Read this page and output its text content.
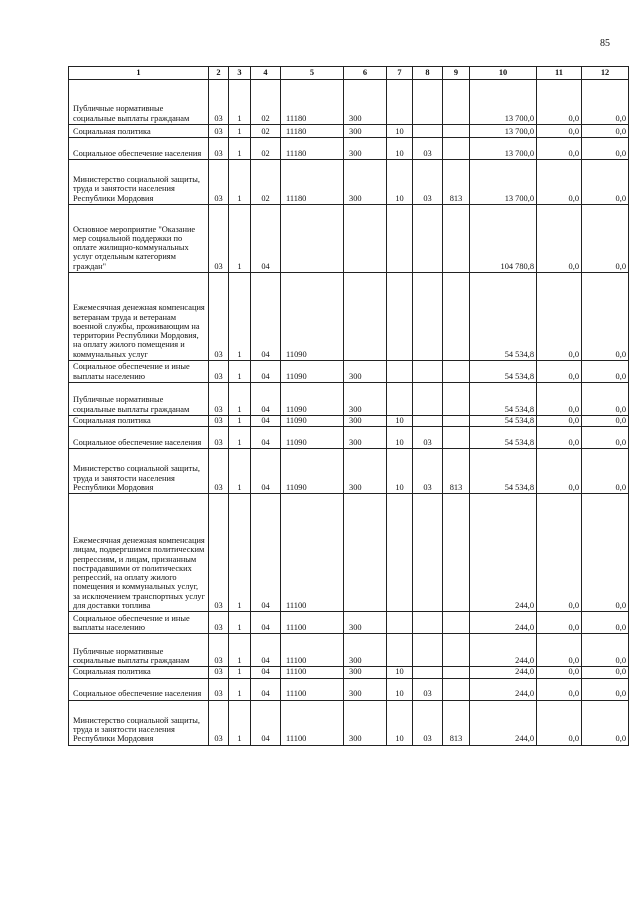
85
1	2	3	4	5	6	7	8	9	10	11	12
Публичные нормативные социальные выплаты гражданам	03	1	02	11180	300				13 700,0	0,0	0,0
Социальная политика	03	1	02	11180	300	10			13 700,0	0,0	0,0
Социальное обеспечение населения	03	1	02	11180	300	10	03		13 700,0	0,0	0,0
Министерство социальной защиты, труда и занятости населения Республики Мордовия	03	1	02	11180	300	10	03	813	13 700,0	0,0	0,0
Основное мероприятие "Оказание мер социальной поддержки по оплате жилищно-коммунальных услуг отдельным категориям граждан"	03	1	04						104 780,8	0,0	0,0
Ежемесячная денежная компенсация ветеранам труда и ветеранам военной службы, проживающим на территории Республики Мордовия, на оплату жилого помещения и коммунальных услуг	03	1	04	11090					54 534,8	0,0	0,0
Социальное обеспечение и иные выплаты населению	03	1	04	11090	300				54 534,8	0,0	0,0
Публичные нормативные социальные выплаты гражданам	03	1	04	11090	300				54 534,8	0,0	0,0
Социальная политика	03	1	04	11090	300	10			54 534,8	0,0	0,0
Социальное обеспечение населения	03	1	04	11090	300	10	03		54 534,8	0,0	0,0
Министерство социальной защиты, труда и занятости населения Республики Мордовия	03	1	04	11090	300	10	03	813	54 534,8	0,0	0,0
Ежемесячная денежная компенсация лицам, подвергшимся политическим репрессиям, и лицам, признанным пострадавшими от политических репрессий, на оплату жилого помещения и коммунальных услуг, за исключением транспортных услуг для доставки топлива	03	1	04	11100					244,0	0,0	0,0
Социальное обеспечение и иные выплаты населению	03	1	04	11100	300				244,0	0,0	0,0
Публичные нормативные социальные выплаты гражданам	03	1	04	11100	300				244,0	0,0	0,0
Социальная политика	03	1	04	11100	300	10			244,0	0,0	0,0
Социальное обеспечение населения	03	1	04	11100	300	10	03		244,0	0,0	0,0
Министерство социальной защиты, труда и занятости населения Республики Мордовия	03	1	04	11100	300	10	03	813	244,0	0,0	0,0
